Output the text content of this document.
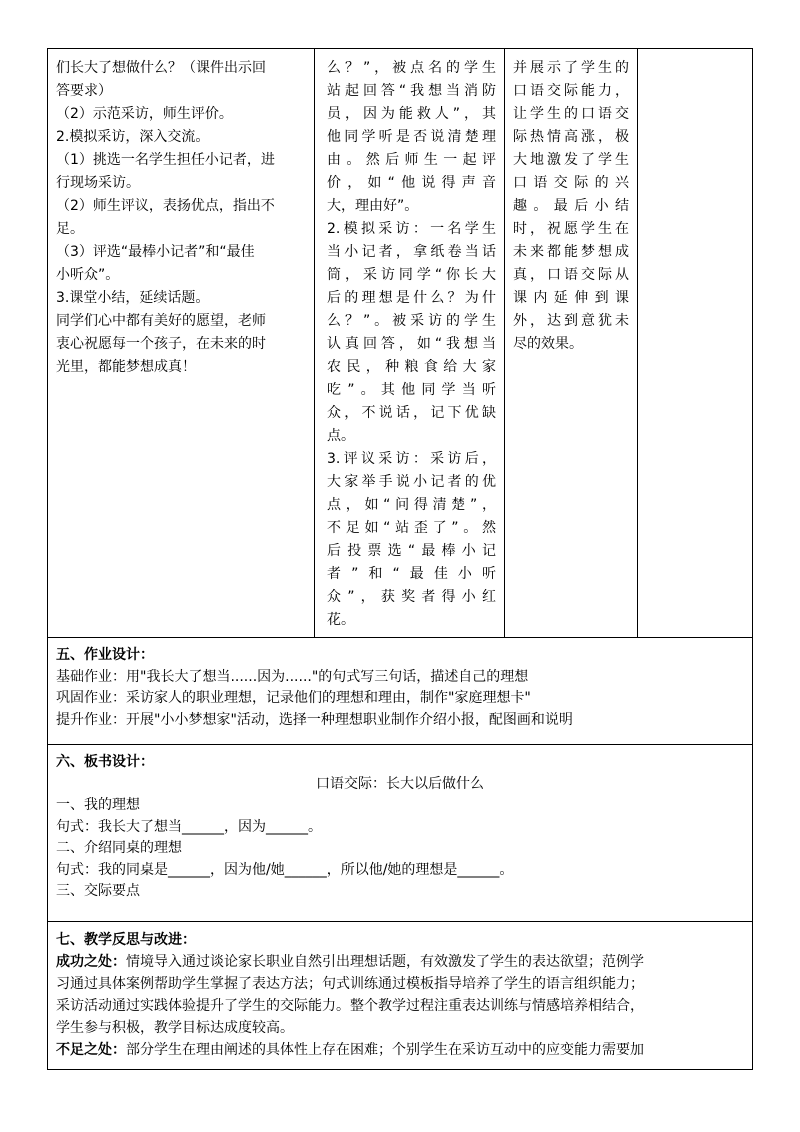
们长大了想做什么？（课件出示回
答要求）
（2）示范采访，师生评价。
2.模拟采访，深入交流。
（1）挑选一名学生担任小记者，进
行现场采访。
（2）师生评议，表扬优点，指出不
足。
（3）评选“最棒小记者”和“最佳
小听众”。
3.课堂小结，延续话题。
同学们心中都有美好的愿望，老师
衷心祝愿每一个孩子，在未来的时
光里，都能梦想成真！
么？”，被点名的学生
站起回答“我想当消防
员，因为能救人”，其
他同学听是否说清楚理
由。然后师生一起评
价，如“他说得声音
大，理由好”。
2.模拟采访：一名学生
当小记者，拿纸卷当话
筒，采访同学“你长大
后的理想是什么？为什
么？”。被采访的学生
认真回答，如“我想当
农民，种粮食给大家
吃”。其他同学当听
众，不说话，记下优缺
点。
3.评议采访：采访后，
大家举手说小记者的优
点，如“问得清楚”，
不足如“站歪了”。然
后投票选“最棒小记
者”和“最佳小听
众”，获奖者得小红
花。
并展示了学生的
口语交际能力，
让学生的口语交
际热情高涨，极
大地激发了学生
口语交际的兴
趣。最后小结
时，祝愿学生在
未来都能梦想成
真，口语交际从
课内延伸到课
外，达到意犹未
尽的效果。
五、作业设计：
基础作业：用"我长大了想当......因为......"的句式写三句话，描述自己的理想
巩固作业：采访家人的职业理想，记录他们的理想和理由，制作"家庭理想卡"
提升作业：开展"小小梦想家"活动，选择一种理想职业制作介绍小报，配图画和说明
六、板书设计：
口语交际：长大以后做什么
一、我的理想
句式：我长大了想当______，因为______。
二、介绍同桌的理想
句式：我的同桌是______，因为他/她______，所以他/她的理想是______。
三、交际要点
七、教学反思与改进：
成功之处：情境导入通过谈论家长职业自然引出理想话题，有效激发了学生的表达欲望；范例学
习通过具体案例帮助学生掌握了表达方法；句式训练通过模板指导培养了学生的语言组织能力；
采访活动通过实践体验提升了学生的交际能力。整个教学过程注重表达训练与情感培养相结合，
学生参与积极，教学目标达成度较高。
不足之处：部分学生在理由阐述的具体性上存在困难；个别学生在采访互动中的应变能力需要加
